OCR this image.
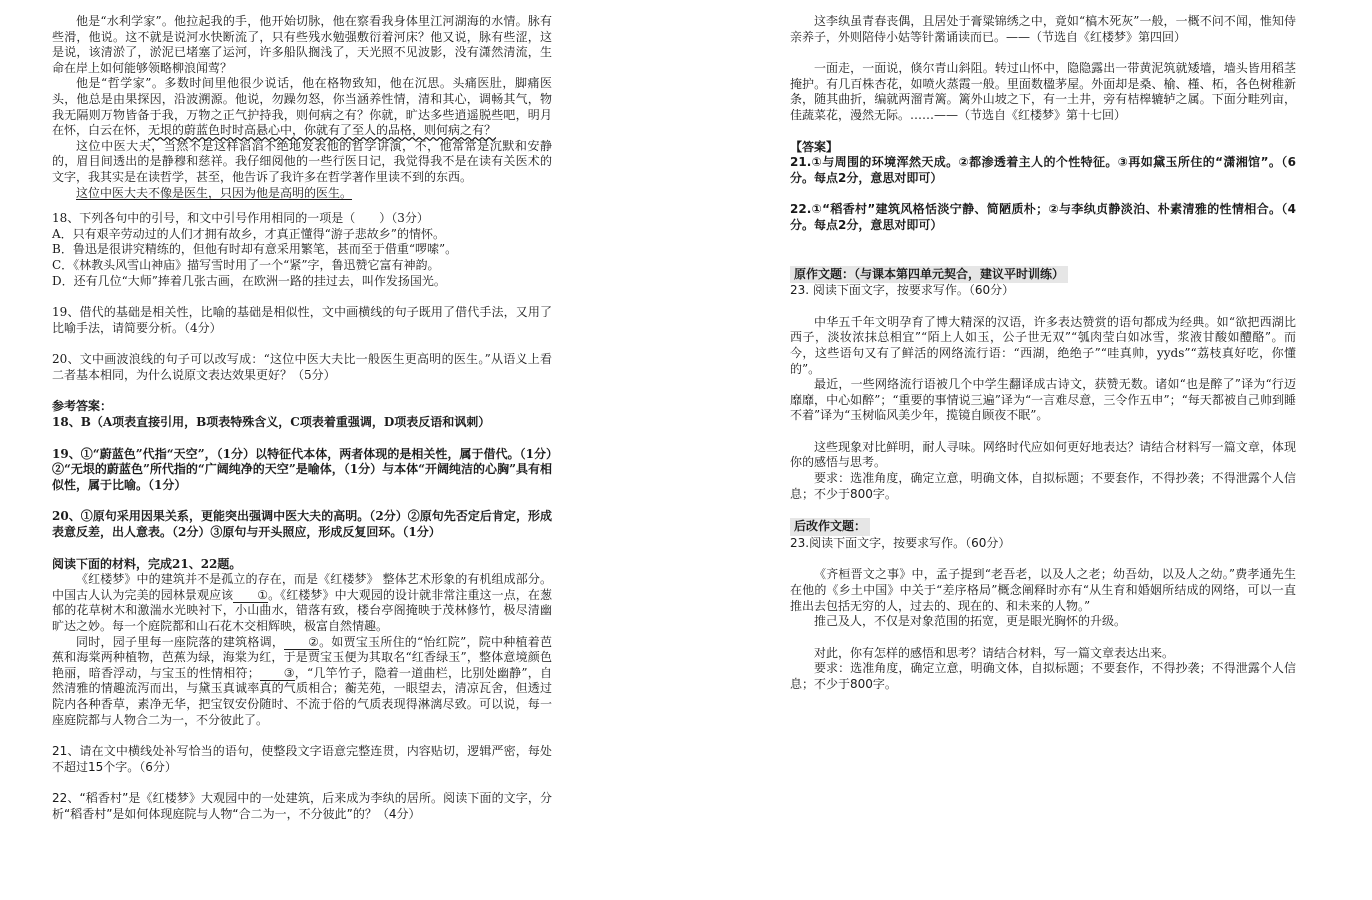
他是“水利学家”。他拉起我的手，他开始切脉，他在察看我身体里江河湖海的水情。脉有些滑，他说。这不就是说河水快断流了，只有些残水勉强敷衍着河床？他又说，脉有些涩，这是说，该清淤了，淤泥已堵塞了运河，许多船队搁浅了，天光照不见波影，没有潇然清流，生命在岸上如何能够领略柳浪闻莺？

他是“哲学家”。多数时间里他很少说话，他在格物致知，他在沉思。头痛医肚，脚痛医头，他总是由果探因，沿波溯源。他说，勿躁勿怒，你当涵养性情，清和其心，调畅其气，物我无隔则万物皆备于我，万物之正气护持我，则何病之有？你就，旷达多些逍遥脱些吧，明月在怀，白云在怀，无垠的蔚蓝色时时高悬心中，你就有了至人的品格，则何病之有？

这位中医大夫，当然不是这样滔滔不绝地发表他的哲学讲演，不，他常常是沉默和安静的，眉目间透出的是静穆和慈祥。我仔细阅他的一些行医日记，我觉得我不是在读有关医术的文字，我其实是在读哲学，甚至，他告诉了我许多在哲学著作里读不到的东西。

这位中医大夫不像是医生，只因为他是高明的医生。

18、下列各句中的引号，和文中引号作用相同的一项是（　　）（3分）

A．只有艰辛劳动过的人们才拥有故乡，才真正懂得“游子悲故乡”的情怀。

B．鲁迅是很讲究精练的，但他有时却有意采用繁笔，甚而至于借重“啰嗦”。

C．《林教头风雪山神庙》描写雪时用了一个“紧”字，鲁迅赞它富有神韵。

D．还有几位“大师”捧着几张古画，在欧洲一路的挂过去，叫作发扬国光。

19、借代的基础是相关性，比喻的基础是相似性，文中画横线的句子既用了借代手法，又用了比喻手法，请简要分析。（4分）

20、文中画波浪线的句子可以改写成：“这位中医大夫比一般医生更高明的医生。”从语义上看二者基本相同，为什么说原文表达效果更好？（5分）

参考答案：

18、B（A项表直接引用，B项表特殊含义，C项表着重强调，D项表反语和讽刺）

19、①“蔚蓝色”代指“天空”，（1分）以特征代本体，两者体现的是相关性，属于借代。（1分）②“无垠的蔚蓝色”所代指的“广阔纯净的天空”是喻体，（1分）与本体“开阔纯洁的心胸”具有相似性，属于比喻。（1分）

20、①原句采用因果关系，更能突出强调中医大夫的高明。（2分）②原句先否定后肯定，形成表意反差，出人意表。（2分）③原句与开头照应，形成反复回环。（1分）

阅读下面的材料，完成21、22题。

《红楼梦》中的建筑并不是孤立的存在，而是《红楼梦》 整体艺术形象的有机组成部分。中国古人认为完美的园林景观应该 ①。《红楼梦》中大观园的设计就非常注重这一点，在葱郁的花草树木和激湍水光映衬下，小山曲水，错落有致，楼台亭阁掩映于茂林修竹，极尽清幽旷达之妙。每一个庭院都和山石花木交相辉映，极富自然情趣。

同时，园子里每一座院落的建筑格调， ②。如贾宝玉所住的“怡红院”，院中种植着芭蕉和海棠两种植物，芭蕉为绿，海棠为红，于是贾宝玉便为其取名“红香绿玉”，整体意境颜色艳丽，暗香浮动，与宝玉的性情相符； ③，“几竿竹子，隐着一道曲栏，比别处幽静”，自然清雅的情趣流泻而出，与黛玉真诚率真的气质相合；蘅芜苑，一眼望去，清凉瓦舍，但透过院内各种香草，素净无华，把宝钗安份随时、不流于俗的气质表现得淋漓尽致。可以说，每一座庭院都与人物合二为一，不分彼此了。

21、请在文中横线处补写恰当的语句，使整段文字语意完整连贯，内容贴切，逻辑严密，每处不超过15个字。（6分）

22、“稻香村”是《红楼梦》大观园中的一处建筑，后来成为李纨的居所。阅读下面的文字，分析“稻香村”是如何体现庭院与人物“合二为一，不分彼此”的？（4分）

这李纨虽青春丧偶，且居处于膏粱锦绣之中，竟如“槁木死灰”一般，一概不问不闻，惟知侍亲养子，外则陪侍小姑等针黹诵读而已。——（节选自《红楼梦》第四回）

一面走，一面说，倏尔青山斜阻。转过山怀中，隐隐露出一带黄泥筑就矮墙，墙头皆用稻茎掩护。有几百株杏花，如喷火蒸霞一般。里面数楹茅屋。外面却是桑、榆、槿、柘，各色树稚新条，随其曲折，编就两溜青篱。篱外山坡之下，有一土井，旁有桔槔辘轳之属。下面分畦列亩，佳蔬菜花，漫然无际。……——（节选自《红楼梦》第十七回）

【答案】

21.①与周围的环境浑然天成。②都渗透着主人的个性特征。③再如黛玉所住的“潇湘馆”。（6分。每点2分，意思对即可）

22.①“稻香村”建筑风格恬淡宁静、简陋质朴；②与李纨贞静淡泊、朴素清雅的性情相合。（4分。每点2分，意思对即可）

原作文题：（与课本第四单元契合，建议平时训练）

23. 阅读下面文字，按要求写作。（60分）

中华五千年文明孕育了博大精深的汉语，许多表达赞赏的语句都成为经典。如“欲把西湖比西子，淡妆浓抹总相宜”“陌上人如玉，公子世无双”“瓠肉莹白如冰雪，浆液甘酸如醴酪”。而今，这些语句又有了鲜活的网络流行语：“西湖，绝绝子”“哇真帅，yyds”“荔枝真好吃，你懂的”。

最近，一些网络流行语被几个中学生翻译成古诗文，获赞无数。诸如“也是醉了”译为“行迈靡靡，中心如醉”；“重要的事情说三遍”译为“一言难尽意，三令作五申”；“每天都被自己帅到睡不着”译为“玉树临风美少年，揽镜自顾夜不眠”。

这些现象对比鲜明，耐人寻味。网络时代应如何更好地表达？请结合材料写一篇文章，体现你的感悟与思考。

要求：选准角度，确定立意，明确文体，自拟标题；不要套作，不得抄袭；不得泄露个人信息；不少于800字。

后改作文题：

23.阅读下面文字，按要求写作。（60分）

《齐桓晋文之事》中，孟子提到“老吾老，以及人之老；幼吾幼，以及人之幼。”费孝通先生在他的《乡土中国》中关于“差序格局”概念阐释时亦有“从生育和婚姻所结成的网络，可以一直推出去包括无穷的人，过去的、现在的、和未来的人物。”

推己及人，不仅是对象范围的拓宽，更是眼光胸怀的升级。

对此，你有怎样的感悟和思考？请结合材料，写一篇文章表达出来。

要求：选准角度，确定立意，明确文体，自拟标题；不要套作，不得抄袭；不得泄露个人信息；不少于800字。
